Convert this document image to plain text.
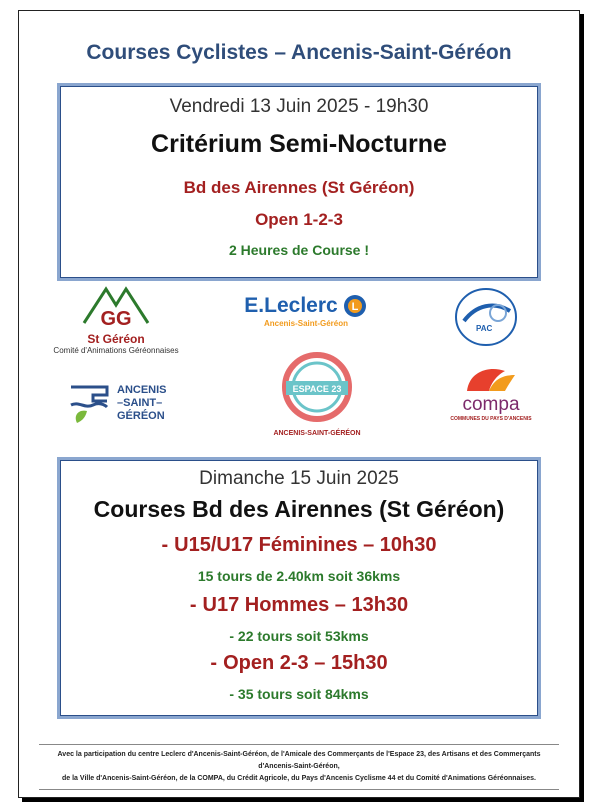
Courses Cyclistes – Ancenis-Saint-Géréon
Vendredi 13 Juin 2025 - 19h30
Critérium Semi-Nocturne
Bd des Airennes (St Géréon)
Open 1-2-3
2 Heures de Course !
GG
St Géréon
Comité d'Animations Géréonnaises
E.Leclerc L
Ancenis-Saint-Géréon
PAC
ANCENIS
–SAINT–
GÉRÉON
ESPACE 23
ANCENIS-SAINT-GÉRÉON
compa
COMMUNES DU PAYS D'ANCENIS
Dimanche 15 Juin 2025
Courses Bd des Airennes (St Géréon)
- U15/U17 Féminines – 10h30
15 tours de 2.40km soit 36kms
- U17 Hommes – 13h30
- 22 tours soit 53kms
- Open 2-3 – 15h30
- 35 tours soit 84kms
Avec la participation du centre Leclerc d'Ancenis-Saint-Géréon, de l'Amicale des Commerçants de l'Espace 23, des Artisans et des Commerçants d'Ancenis-Saint-Géréon,
de la Ville d'Ancenis-Saint-Géréon, de la COMPA, du Crédit Agricole, du Pays d'Ancenis Cyclisme 44 et du Comité d'Animations Géréonnaises.
